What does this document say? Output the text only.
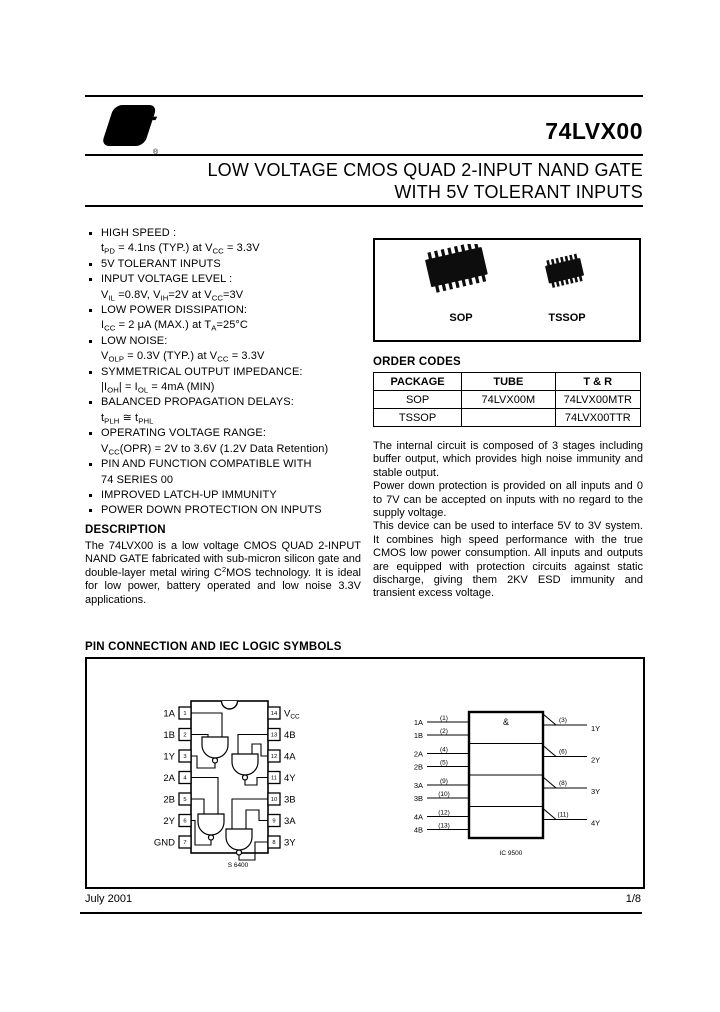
ST
®
74LVX00
LOW VOLTAGE CMOS QUAD 2-INPUT NAND GATE
WITH 5V TOLERANT INPUTS
HIGH SPEED :
$t_{PD} = 4.1ns$ (TYP.) at $V_{CC} = 3.3V$
5V TOLERANT INPUTS
INPUT VOLTAGE LEVEL :
$V_{IL} =0.8V$, $V_{IH}=2V$ at $V_{CC}=3V$
LOW POWER DISSIPATION:
$I_{CC} = 2$ μA (MAX.) at $T_A=25^\circ C$
LOW NOISE:
$V_{OLP} = 0.3V$ (TYP.) at $V_{CC} = 3.3V$
SYMMETRICAL OUTPUT IMPEDANCE:
$|I_{OH}| = I_{OL} = 4mA$ (MIN)
BALANCED PROPAGATION DELAYS:
$t_{PLH}$ ≅ $t_{PHL}$
OPERATING VOLTAGE RANGE:
$V_{CC}(OPR) = 2V$ to 3.6V (1.2V Data Retention)
PIN AND FUNCTION COMPATIBLE WITH
74 SERIES 00
IMPROVED LATCH-UP IMMUNITY
POWER DOWN PROTECTION ON INPUTS
DESCRIPTION

The 74LVX00 is a low voltage CMOS QUAD 2-INPUT NAND GATE fabricated with sub-micron silicon gate and double-layer metal wiring $C^2MOS$ technology. It is ideal for low power, battery operated and low noise 3.3V applications.

SOP	TSSOP
ORDER CODES
PACKAGE	TUBE	T & R
SOP	74LVX00M	74LVX00MTR
TSSOP		74LVX00TTR

The internal circuit is composed of 3 stages including buffer output, which provides high noise immunity and stable output.

Power down protection is provided on all inputs and 0 to 7V can be accepted on inputs with no regard to the supply voltage.

This device can be used to interface 5V to 3V system. It combines high speed performance with the true CMOS low power consumption. All inputs and outputs are equipped with protection circuits against static discharge, giving them 2KV ESD immunity and transient excess voltage.

PIN CONNECTION AND IEC LOGIC SYMBOLS
1
2
3
4
5
6
7
14
13
12
11
10
9
8
1A
1B
1Y
2A
2B
2Y
GND
$V_{CC}$
4B
4A
4Y
3B
3A
3Y
S 6400
&
1A
1B
2A
2B
3A
3B
4A
4B
(1)
(2)
(4)
(5)
(9)
(10)
(12)
(13)
(3)
(6)
(8)
(11)
1Y
2Y
3Y
4Y
IC 9500
July 2001	1/8
